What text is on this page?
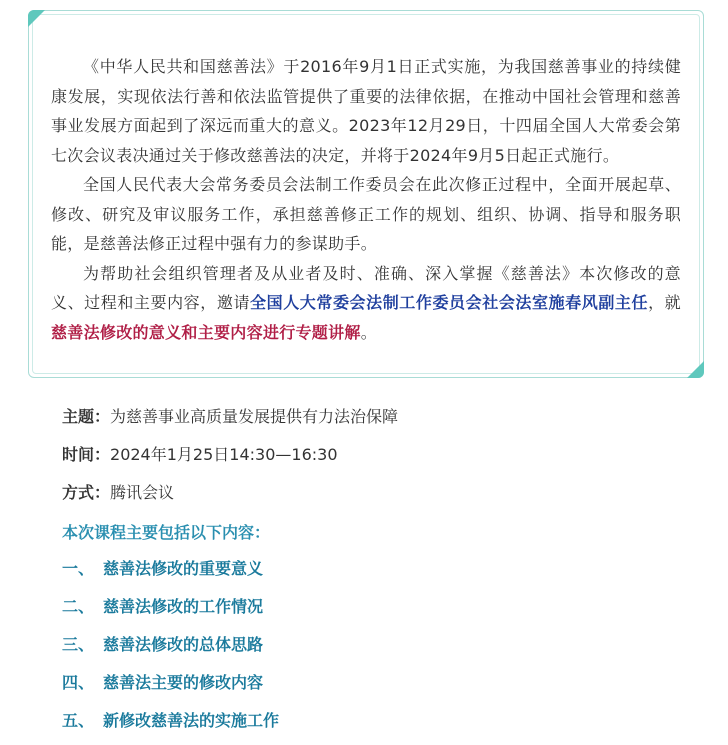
《中华人民共和国慈善法》于2016年9月1日正式实施，为我国慈善事业的持续健康发展，实现依法行善和依法监管提供了重要的法律依据，在推动中国社会管理和慈善事业发展方面起到了深远而重大的意义。2023年12月29日，十四届全国人大常委会第七次会议表决通过关于修改慈善法的决定，并将于2024年9月5日起正式施行。

全国人民代表大会常务委员会法制工作委员会在此次修正过程中，全面开展起草、修改、研究及审议服务工作，承担慈善修正工作的规划、组织、协调、指导和服务职能，是慈善法修正过程中强有力的参谋助手。

为帮助社会组织管理者及从业者及时、准确、深入掌握《慈善法》本次修改的意义、过程和主要内容，邀请全国人大常委会法制工作委员会社会法室施春风副主任，就慈善法修改的意义和主要内容进行专题讲解。

主题：为慈善事业高质量发展提供有力法治保障
时间：2024年1月25日14:30—16:30
方式：腾讯会议
本次课程主要包括以下内容：
一、 慈善法修改的重要意义
二、 慈善法修改的工作情况
三、 慈善法修改的总体思路
四、 慈善法主要的修改内容
五、 新修改慈善法的实施工作
